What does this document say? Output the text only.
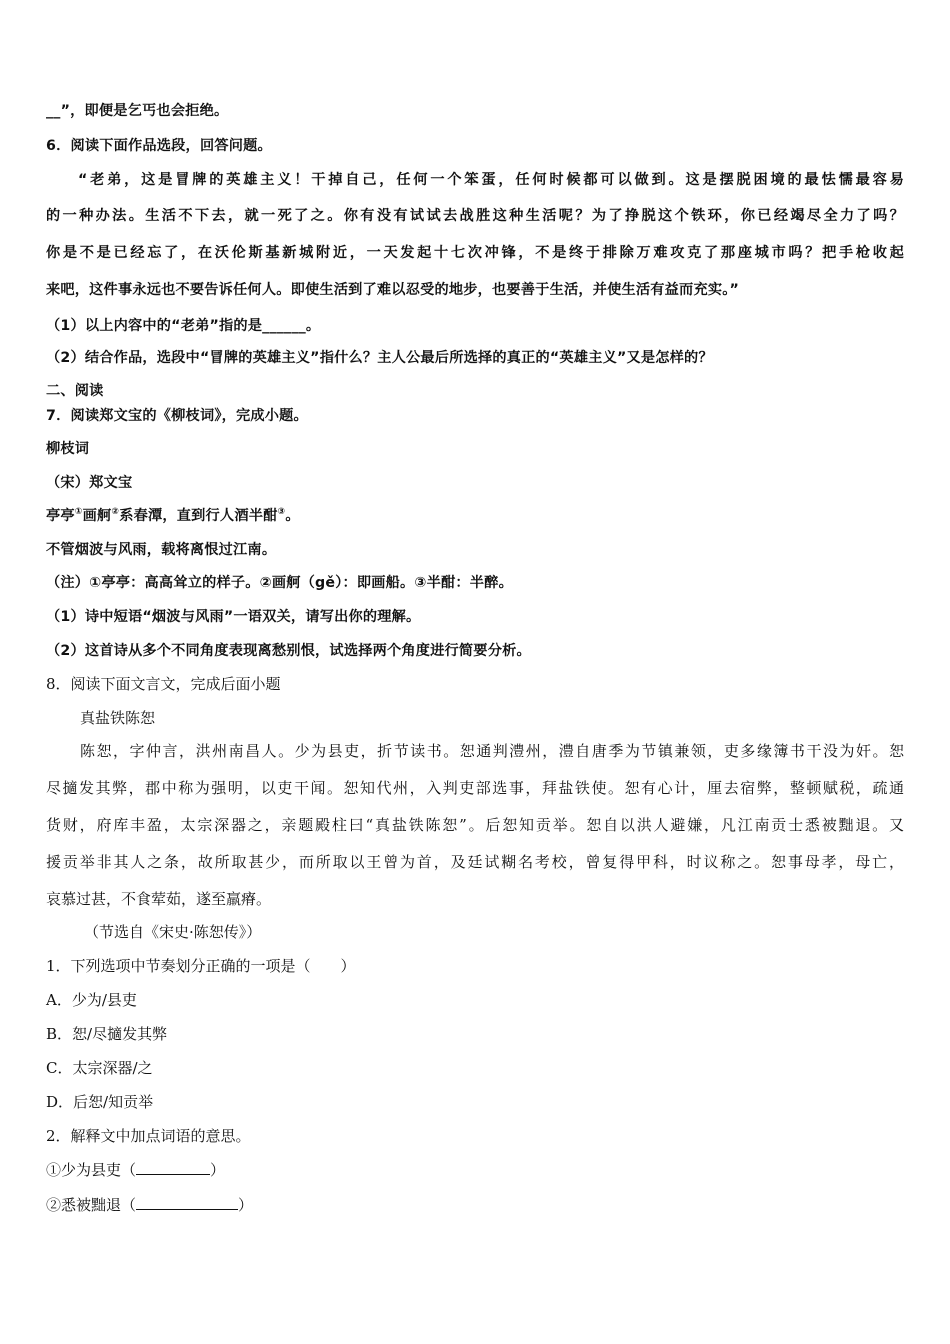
__”，即便是乞丐也会拒绝。
6．阅读下面作品选段，回答问题。
“老弟，这是冒牌的英雄主义！干掉自己，任何一个笨蛋，任何时候都可以做到。这是摆脱困境的最怯懦最容易
的一种办法。生活不下去，就一死了之。你有没有试试去战胜这种生活呢？为了挣脱这个铁环，你已经竭尽全力了吗？
你是不是已经忘了，在沃伦斯基新城附近，一天发起十七次冲锋，不是终于排除万难攻克了那座城市吗？把手枪收起
来吧，这件事永远也不要告诉任何人。即使生活到了难以忍受的地步，也要善于生活，并使生活有益而充实。”
（1）以上内容中的“老弟”指的是______。
（2）结合作品，选段中“冒牌的英雄主义”指什么？主人公最后所选择的真正的“英雄主义”又是怎样的？
二、阅读
7．阅读郑文宝的《柳枝词》，完成小题。
柳枝词
（宋）郑文宝
亭亭①画舸②系春潭，直到行人酒半酣③。
不管烟波与风雨，载将离恨过江南。
（注）①亭亭：高高耸立的样子。②画舸（gě）：即画船。③半酣：半醉。
（1）诗中短语“烟波与风雨”一语双关，请写出你的理解。
（2）这首诗从多个不同角度表现离愁别恨，试选择两个角度进行简要分析。
8．阅读下面文言文，完成后面小题
真盐铁陈恕
陈恕，字仲言，洪州南昌人。少为县吏，折节读书。恕通判澧州，澧自唐季为节镇兼领，吏多缘簿书干没为奸。恕
尽擿发其弊，郡中称为强明，以吏干闻。恕知代州，入判吏部选事，拜盐铁使。恕有心计，厘去宿弊，整顿赋税，疏通
货财，府库丰盈，太宗深器之，亲题殿柱曰“真盐铁陈恕”。后恕知贡举。恕自以洪人避嫌，凡江南贡士悉被黜退。又
援贡举非其人之条，故所取甚少，而所取以王曾为首，及廷试糊名考校，曾复得甲科，时议称之。恕事母孝，母亡，
哀慕过甚，不食荤茹，遂至羸瘠。
（节选自《宋史·陈恕传》）
1．下列选项中节奏划分正确的一项是（　　）
A．少为/县吏
B．恕/尽擿发其弊
C．太宗深器/之
D．后恕/知贡举
2．解释文中加点词语的意思。
①少为县吏（	）
②悉被黜退（	）
